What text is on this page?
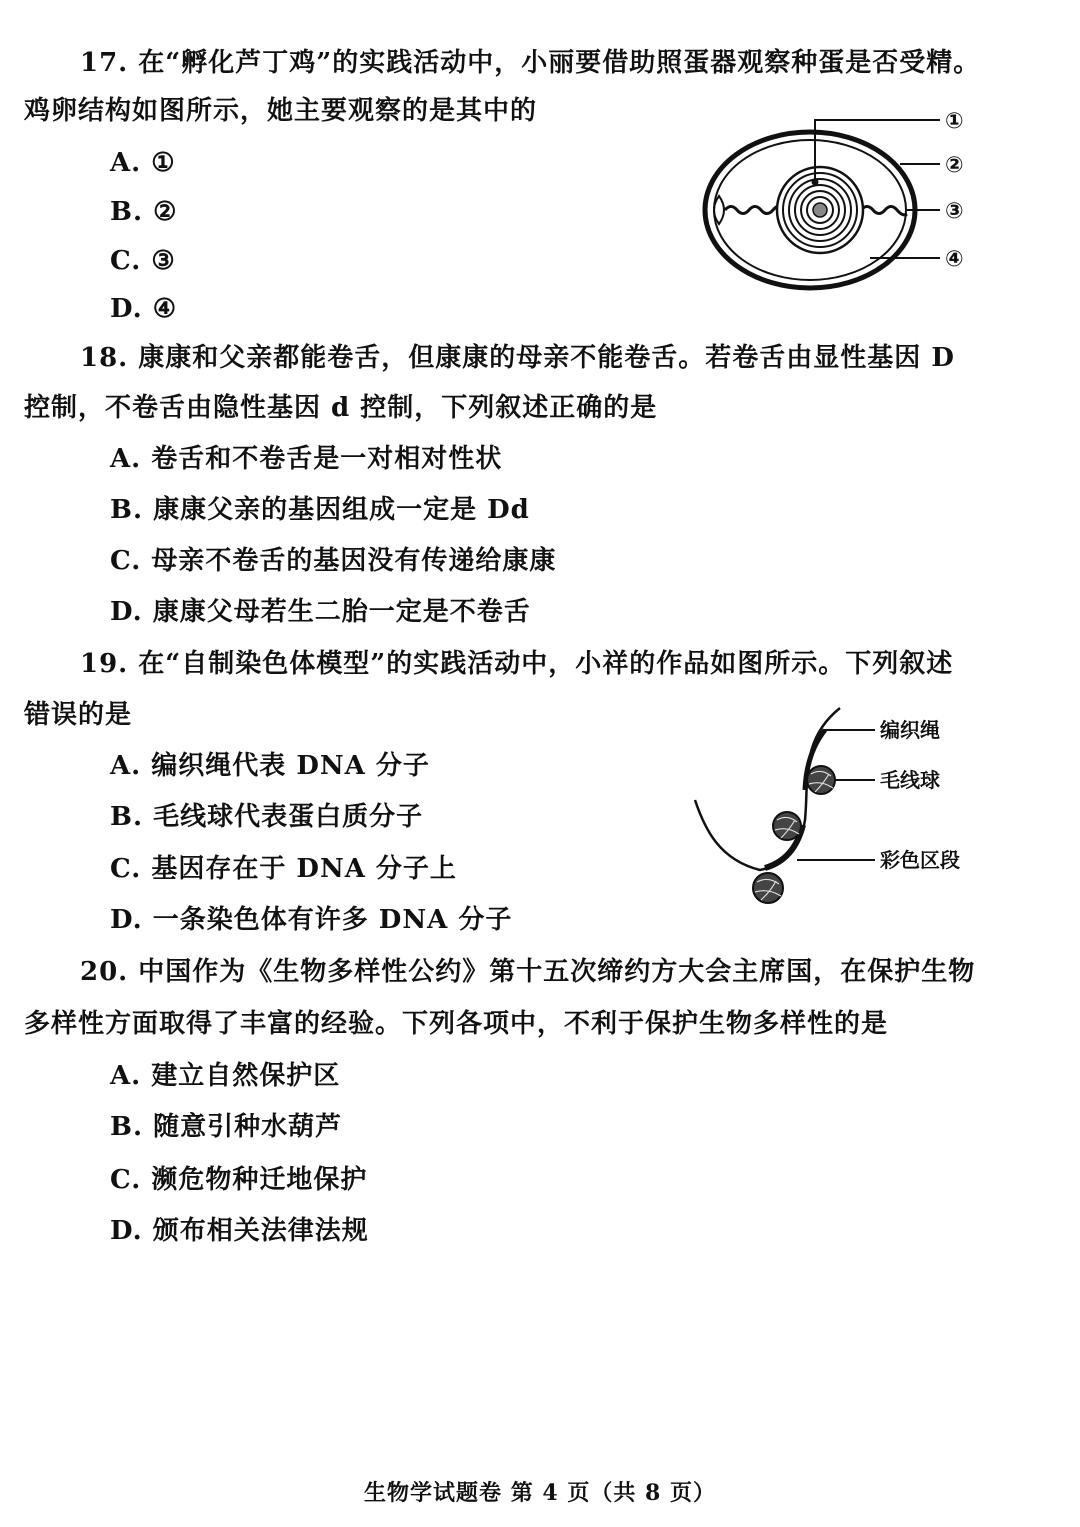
17. 在“孵化芦丁鸡”的实践活动中，小丽要借助照蛋器观察种蛋是否受精。
鸡卵结构如图所示，她主要观察的是其中的
A. ①
B. ②
C. ③
D. ④
①
②
③
④
18. 康康和父亲都能卷舌，但康康的母亲不能卷舌。若卷舌由显性基因 D
控制，不卷舌由隐性基因 d 控制，下列叙述正确的是
A. 卷舌和不卷舌是一对相对性状
B. 康康父亲的基因组成一定是 Dd
C. 母亲不卷舌的基因没有传递给康康
D. 康康父母若生二胎一定是不卷舌
19. 在“自制染色体模型”的实践活动中，小祥的作品如图所示。下列叙述
错误的是
A. 编织绳代表 DNA 分子
B. 毛线球代表蛋白质分子
C. 基因存在于 DNA 分子上
D. 一条染色体有许多 DNA 分子
编织绳
毛线球
彩色区段
20. 中国作为《生物多样性公约》第十五次缔约方大会主席国，在保护生物
多样性方面取得了丰富的经验。下列各项中，不利于保护生物多样性的是
A. 建立自然保护区
B. 随意引种水葫芦
C. 濒危物种迁地保护
D. 颁布相关法律法规
生物学试题卷 第 4 页（共 8 页）
